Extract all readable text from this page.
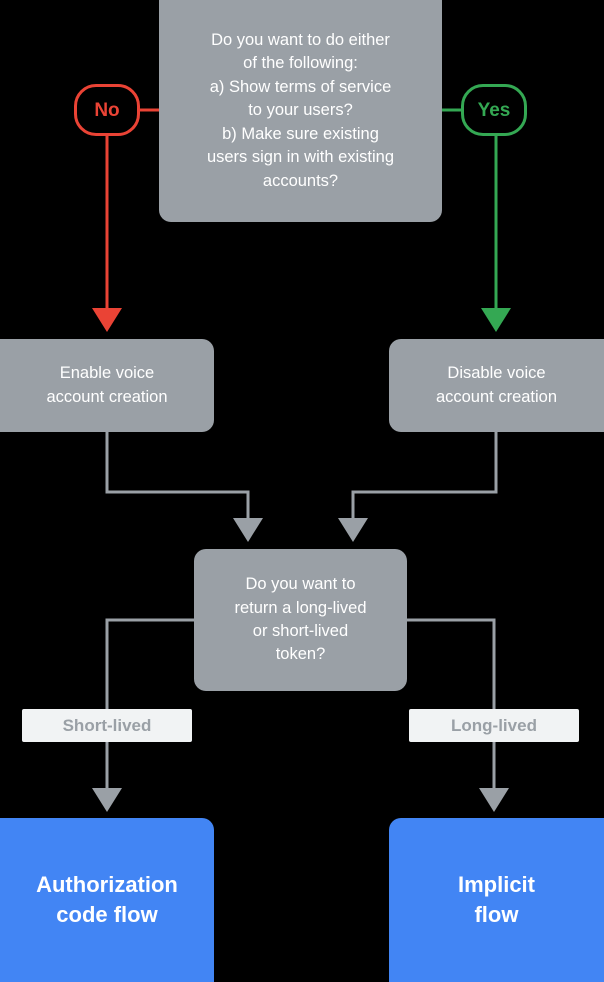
Do you want to do either
of the following:
a) Show terms of service
to your users?
b) Make sure existing
users sign in with existing
accounts?
No	Yes
Enable voice
account creation
Disable voice
account creation
Do you want to
return a long-lived
or short-lived
token?
Short-lived	Long-lived
Authorization
code flow
Implicit
flow
